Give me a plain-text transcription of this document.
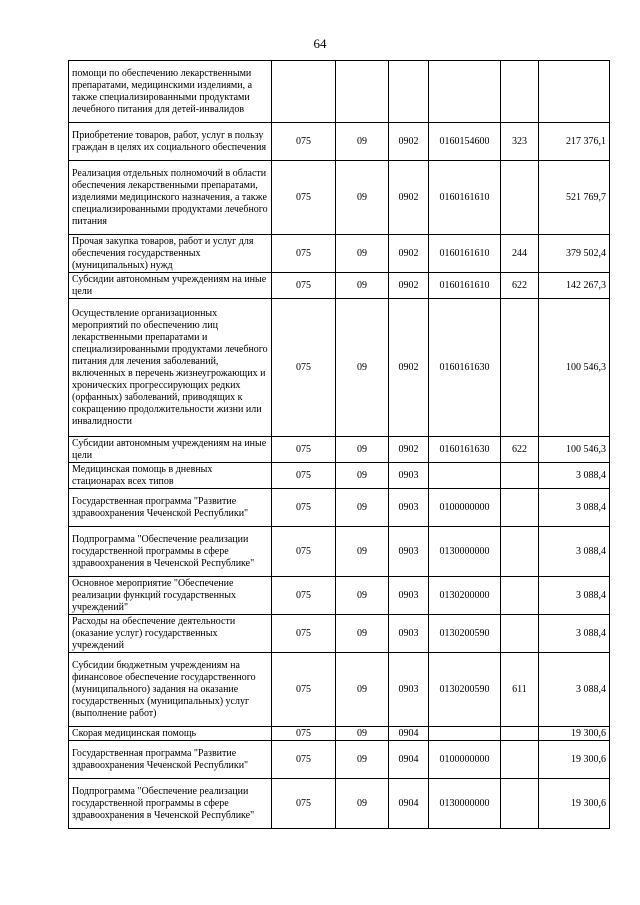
64
помощи по обеспечению лекарственными препаратами, медицинскими изделиями, а также специализированными продуктами лечебного питания для детей-инвалидов						
Приобретение товаров, работ, услуг в пользу граждан в целях их социального обеспечения	075	09	0902	0160154600	323	217 376,1
Реализация отдельных полномочий в области обеспечения лекарственными препаратами, изделиями медицинского назначения, а также специализированными продуктами лечебного питания	075	09	0902	0160161610		521 769,7
Прочая закупка товаров, работ и услуг для обеспечения государственных (муниципальных) нужд	075	09	0902	0160161610	244	379 502,4
Субсидии автономным учреждениям на иные цели	075	09	0902	0160161610	622	142 267,3
Осуществление организационных мероприятий по обеспечению лиц лекарственными препаратами и специализированными продуктами лечебного питания для лечения заболеваний, включенных в перечень жизнеугрожающих и хронических прогрессирующих редких (орфанных) заболеваний, приводящих к сокращению продолжительности жизни или инвалидности	075	09	0902	0160161630		100 546,3
Субсидии автономным учреждениям на иные цели	075	09	0902	0160161630	622	100 546,3
Медицинская помощь в дневных стационарах всех типов	075	09	0903			3 088,4
Государственная программа "Развитие здравоохранения Чеченской Республики"	075	09	0903	0100000000		3 088,4
Подпрограмма "Обеспечение реализации государственной программы в сфере здравоохранения в Чеченской Республике"	075	09	0903	0130000000		3 088,4
Основное мероприятие "Обеспечение реализации функций государственных учреждений"	075	09	0903	0130200000		3 088,4
Расходы на обеспечение деятельности (оказание услуг) государственных учреждений	075	09	0903	0130200590		3 088,4
Субсидии бюджетным учреждениям на финансовое обеспечение государственного (муниципального) задания на оказание государственных (муниципальных) услуг (выполнение работ)	075	09	0903	0130200590	611	3 088,4
Скорая медицинская помощь	075	09	0904			19 300,6
Государственная программа "Развитие здравоохранения Чеченской Республики"	075	09	0904	0100000000		19 300,6
Подпрограмма "Обеспечение реализации государственной программы в сфере здравоохранения в Чеченской Республике"	075	09	0904	0130000000		19 300,6
